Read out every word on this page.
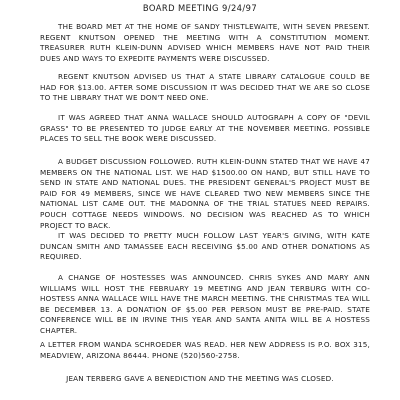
BOARD MEETING 9/24/97

THE BOARD MET AT THE HOME OF SANDY THISTLEWAITE, WITH SEVEN PRESENT. REGENT KNUTSON OPENED THE MEETING WITH A CONSTITUTION MOMENT. TREASURER RUTH KLEIN-DUNN ADVISED WHICH MEMBERS HAVE NOT PAID THEIR DUES AND WAYS TO EXPEDITE PAYMENTS WERE DISCUSSED.

REGENT KNUTSON ADVISED US THAT A STATE LIBRARY CATALOGUE COULD BE HAD FOR $13.00. AFTER SOME DISCUSSION IT WAS DECIDED THAT WE ARE SO CLOSE TO THE LIBRARY THAT WE DON'T NEED ONE.

IT WAS AGREED THAT ANNA WALLACE SHOULD AUTOGRAPH A COPY OF "DEVIL GRASS" TO BE PRESENTED TO JUDGE EARLY AT THE NOVEMBER MEETING. POSSIBLE PLACES TO SELL THE BOOK WERE DISCUSSED.

A BUDGET DISCUSSION FOLLOWED. RUTH KLEIN-DUNN STATED THAT WE HAVE 47 MEMBERS ON THE NATIONAL LIST. WE HAD $1500.00 ON HAND, BUT STILL HAVE TO SEND IN STATE AND NATIONAL DUES. THE PRESIDENT GENERAL'S PROJECT MUST BE PAID FOR 49 MEMBERS, SINCE WE HAVE CLEARED TWO NEW MEMBERS SINCE THE NATIONAL LIST CAME OUT. THE MADONNA OF THE TRIAL STATUES NEED REPAIRS. POUCH COTTAGE NEEDS WINDOWS. NO DECISION WAS REACHED AS TO WHICH PROJECT TO BACK.

IT WAS DECIDED TO PRETTY MUCH FOLLOW LAST YEAR'S GIVING, WITH KATE DUNCAN SMITH AND TAMASSEE EACH RECEIVING $5.00 AND OTHER DONATIONS AS REQUIRED.

A CHANGE OF HOSTESSES WAS ANNOUNCED. CHRIS SYKES AND MARY ANN WILLIAMS WILL HOST THE FEBRUARY 19 MEETING AND JEAN TERBURG WITH CO-HOSTESS ANNA WALLACE WILL HAVE THE MARCH MEETING. THE CHRISTMAS TEA WILL BE DECEMBER 13. A DONATION OF $5.00 PER PERSON MUST BE PRE-PAID. STATE CONFERENCE WILL BE IN IRVINE THIS YEAR AND SANTA ANITA WILL BE A HOSTESS CHAPTER.

A LETTER FROM WANDA SCHROEDER WAS READ. HER NEW ADDRESS IS P.O. BOX 315, MEADVIEW, ARIZONA 86444. PHONE (520)560-2758.

JEAN TERBERG GAVE A BENEDICTION AND THE MEETING WAS CLOSED.
